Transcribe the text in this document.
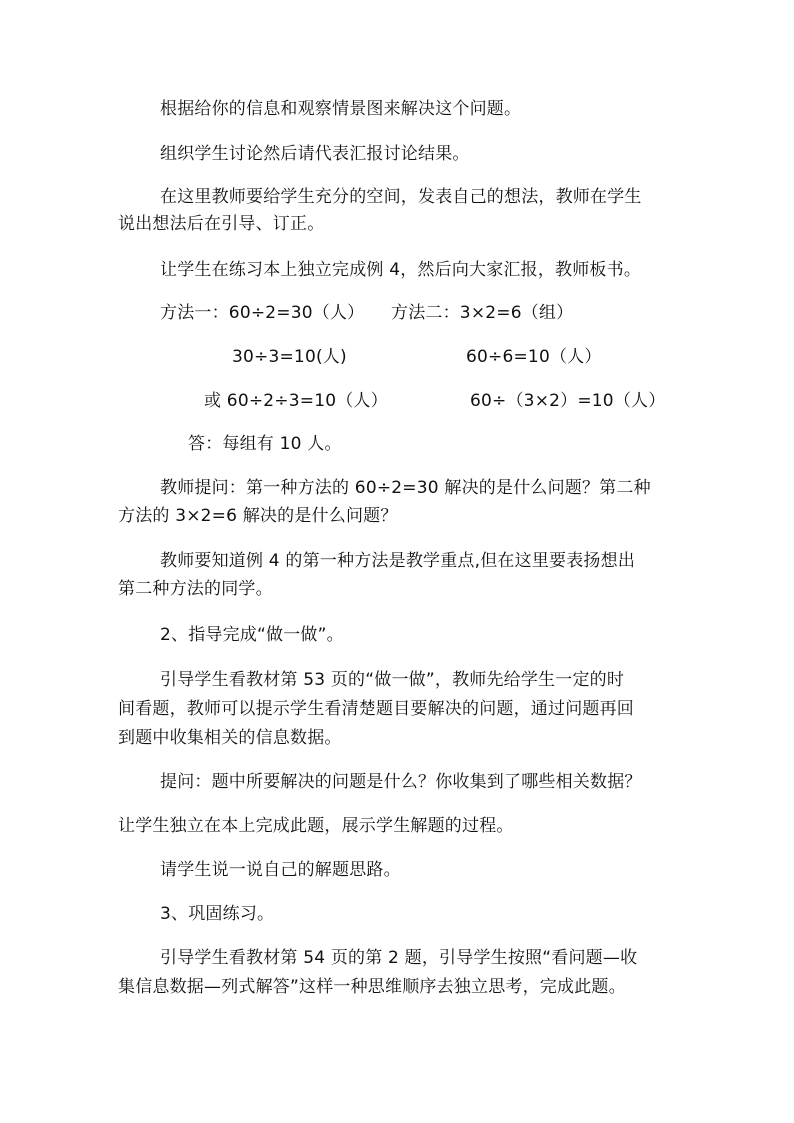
根据给你的信息和观察情景图来解决这个问题。
组织学生讨论然后请代表汇报讨论结果。
在这里教师要给学生充分的空间，发表自己的想法，教师在学生
说出想法后在引导、订正。
让学生在练习本上独立完成例 4，然后向大家汇报，教师板书。
方法一：60÷2=30（人） 方法二：3×2=6（组）
30÷3=10(人)	60÷6=10（人）
或 60÷2÷3=10（人）	60÷（3×2）=10（人）
答：每组有 10 人。
教师提问：第一种方法的 60÷2=30 解决的是什么问题？第二种
方法的 3×2=6 解决的是什么问题？
教师要知道例 4 的第一种方法是教学重点,但在这里要表扬想出
第二种方法的同学。
2、指导完成“做一做”。
引导学生看教材第 53 页的“做一做”，教师先给学生一定的时
间看题，教师可以提示学生看清楚题目要解决的问题，通过问题再回
到题中收集相关的信息数据。
提问：题中所要解决的问题是什么？你收集到了哪些相关数据？
让学生独立在本上完成此题，展示学生解题的过程。
请学生说一说自己的解题思路。
3、巩固练习。
引导学生看教材第 54 页的第 2 题，引导学生按照“看问题—收
集信息数据—列式解答”这样一种思维顺序去独立思考，完成此题。
